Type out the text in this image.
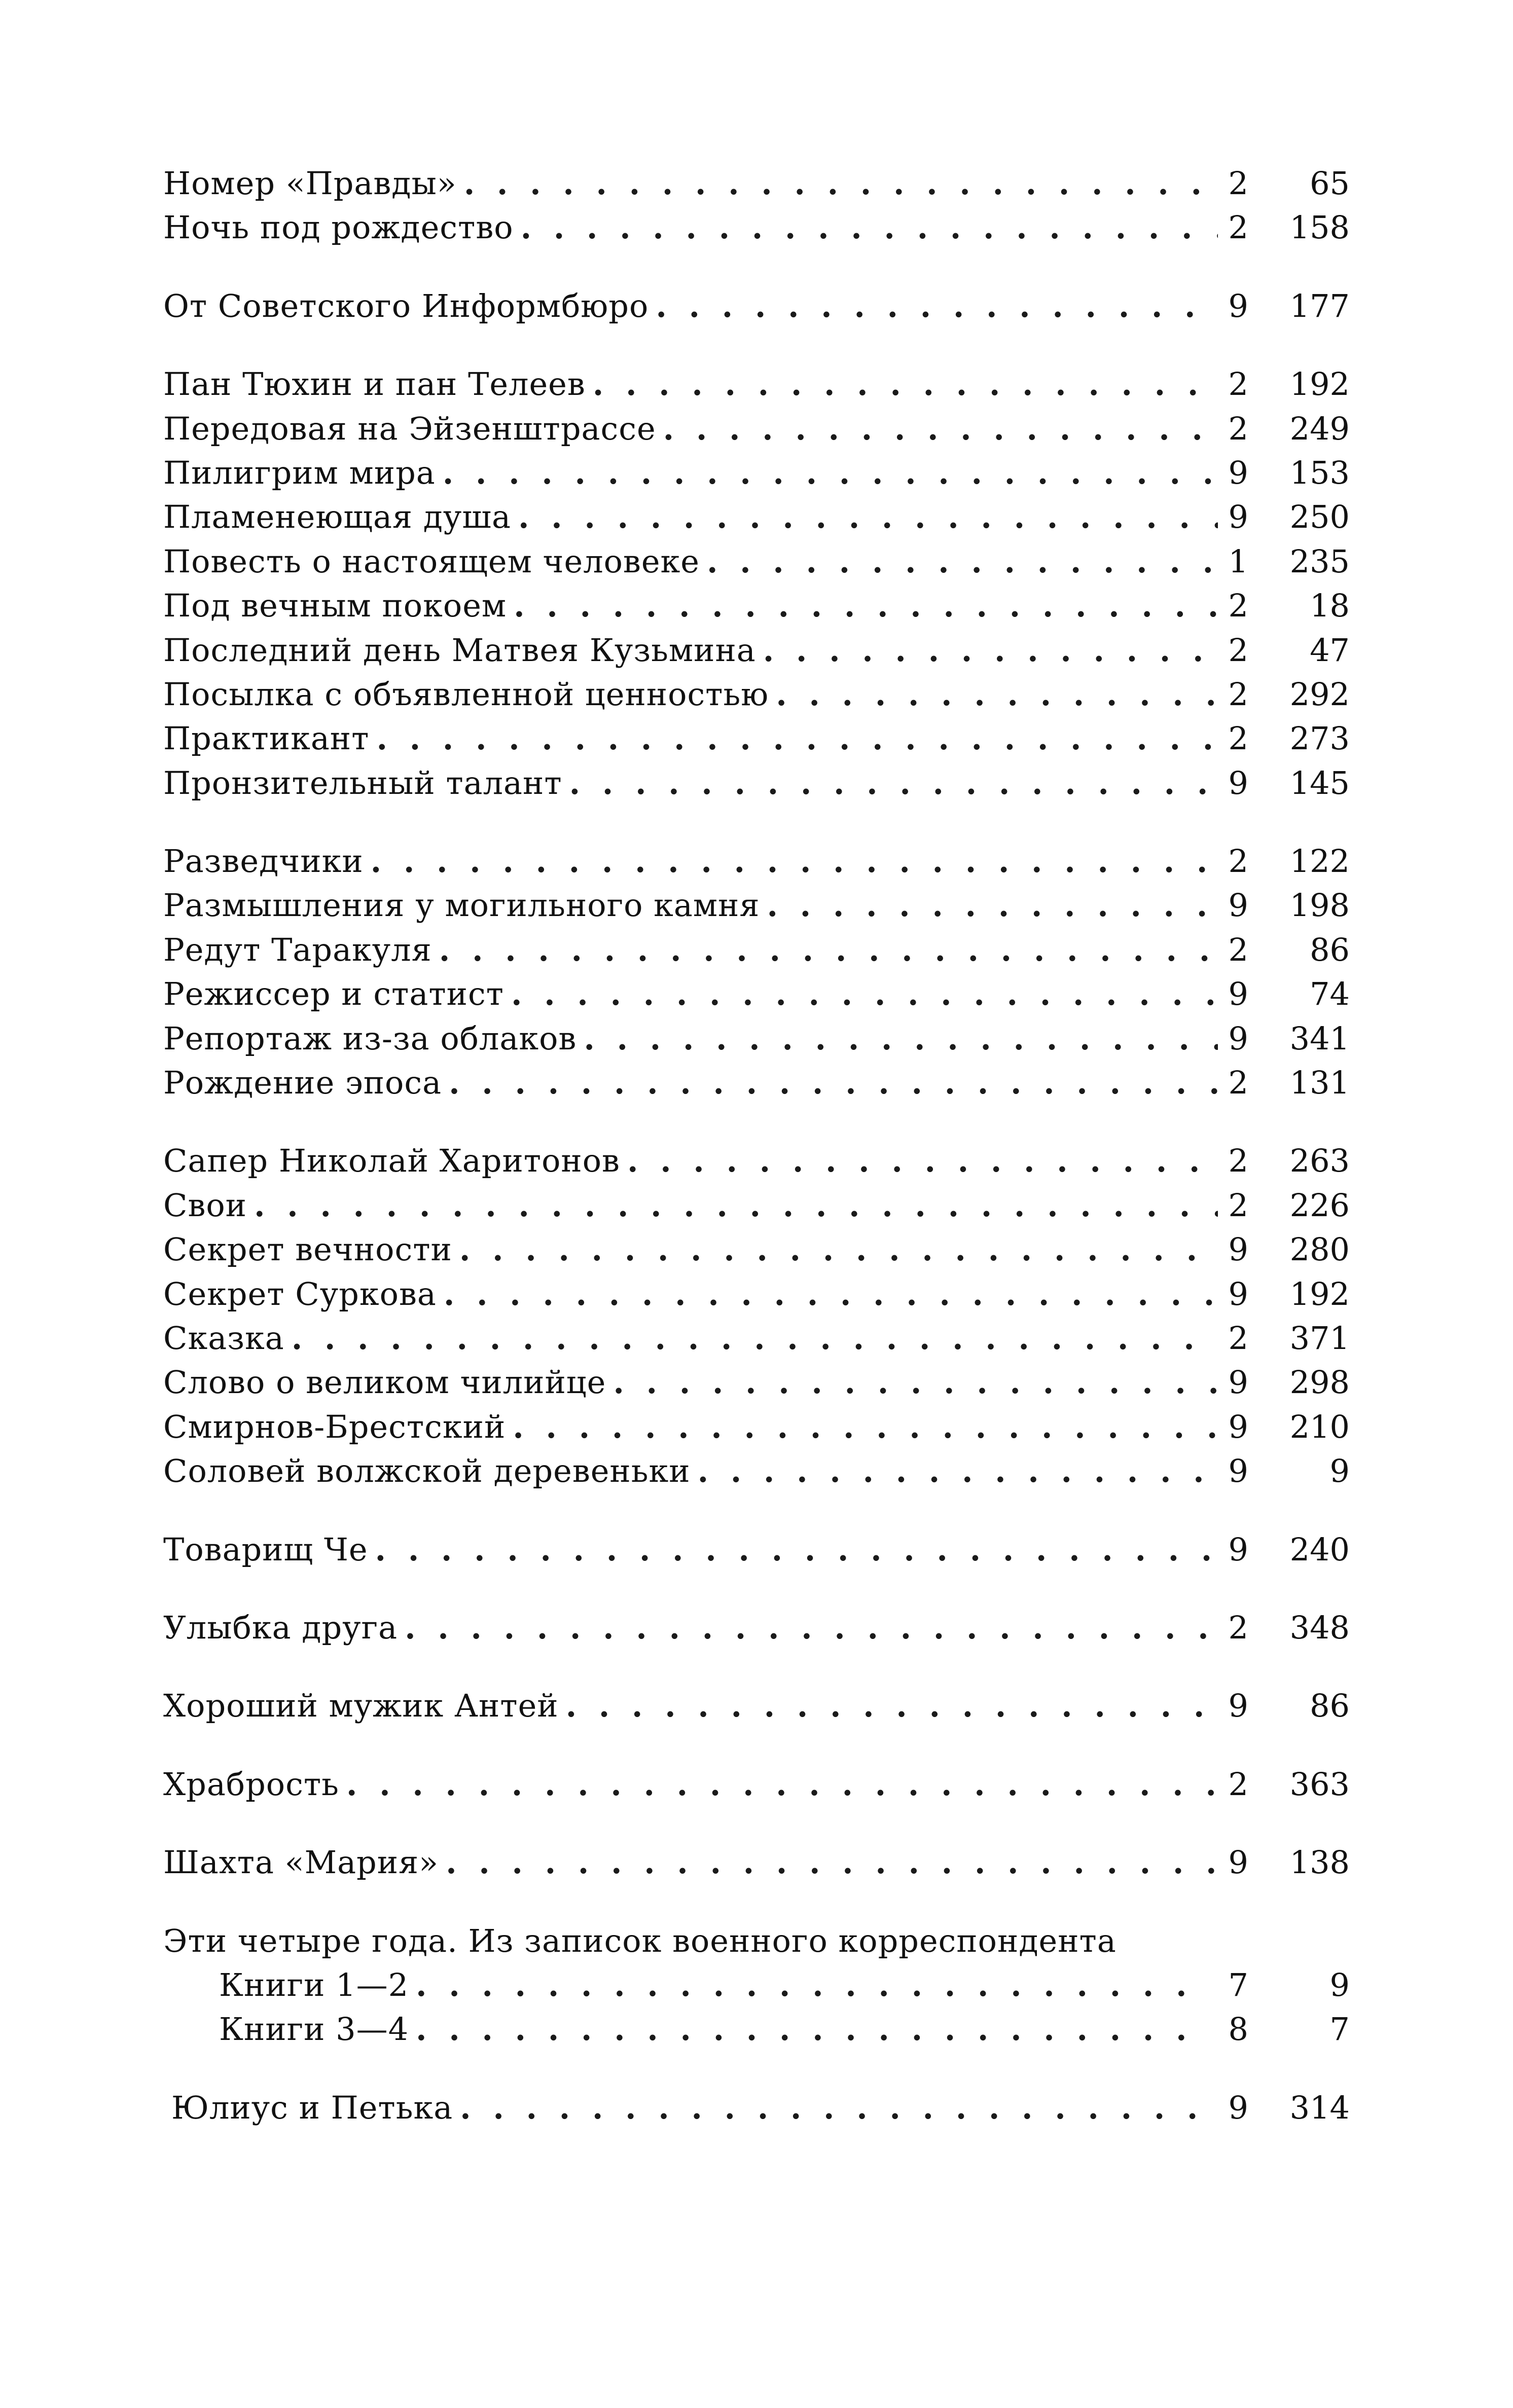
Номер «Правды» . . .	2	65
Ночь под рождество . . .	2	158
От Советского Информбюро . . .	9	177
Пан Тюхин и пан Телеев . . .	2	192
Передовая на Эйзенштрассе . . .	2	249
Пилигрим мира . . .	9	153
Пламенеющая душа . . .	9	250
Повесть о настоящем человеке . . .	1	235
Под вечным покоем . . .	2	18
Последний день Матвея Кузьмина . . .	2	47
Посылка с объявленной ценностью . . .	2	292
Практикант . . .	2	273
Пронзительный талант . . .	9	145
Разведчики . . .	2	122
Размышления у могильного камня . . .	9	198
Редут Таракуля . . .	2	86
Режиссер и статист . . .	9	74
Репортаж из-за облаков . . .	9	341
Рождение эпоса . . .	2	131
Сапер Николай Харитонов . . .	2	263
Свои . . .	2	226
Секрет вечности . . .	9	280
Секрет Суркова . . .	9	192
Сказка . . .	2	371
Слово о великом чилийце . . .	9	298
Смирнов-Брестский . . .	9	210
Соловей волжской деревеньки . . .	9	9
Товарищ Че . . .	9	240
Улыбка друга . . .	2	348
Хороший мужик Антей . . .	9	86
Храбрость . . .	2	363
Шахта «Мария» . . .	9	138
Эти четыре года. Из записок военного корреспондента
Книги 1—2 . . .	7	9
Книги 3—4 . . .	8	7
Юлиус и Петька . . .	9	314
